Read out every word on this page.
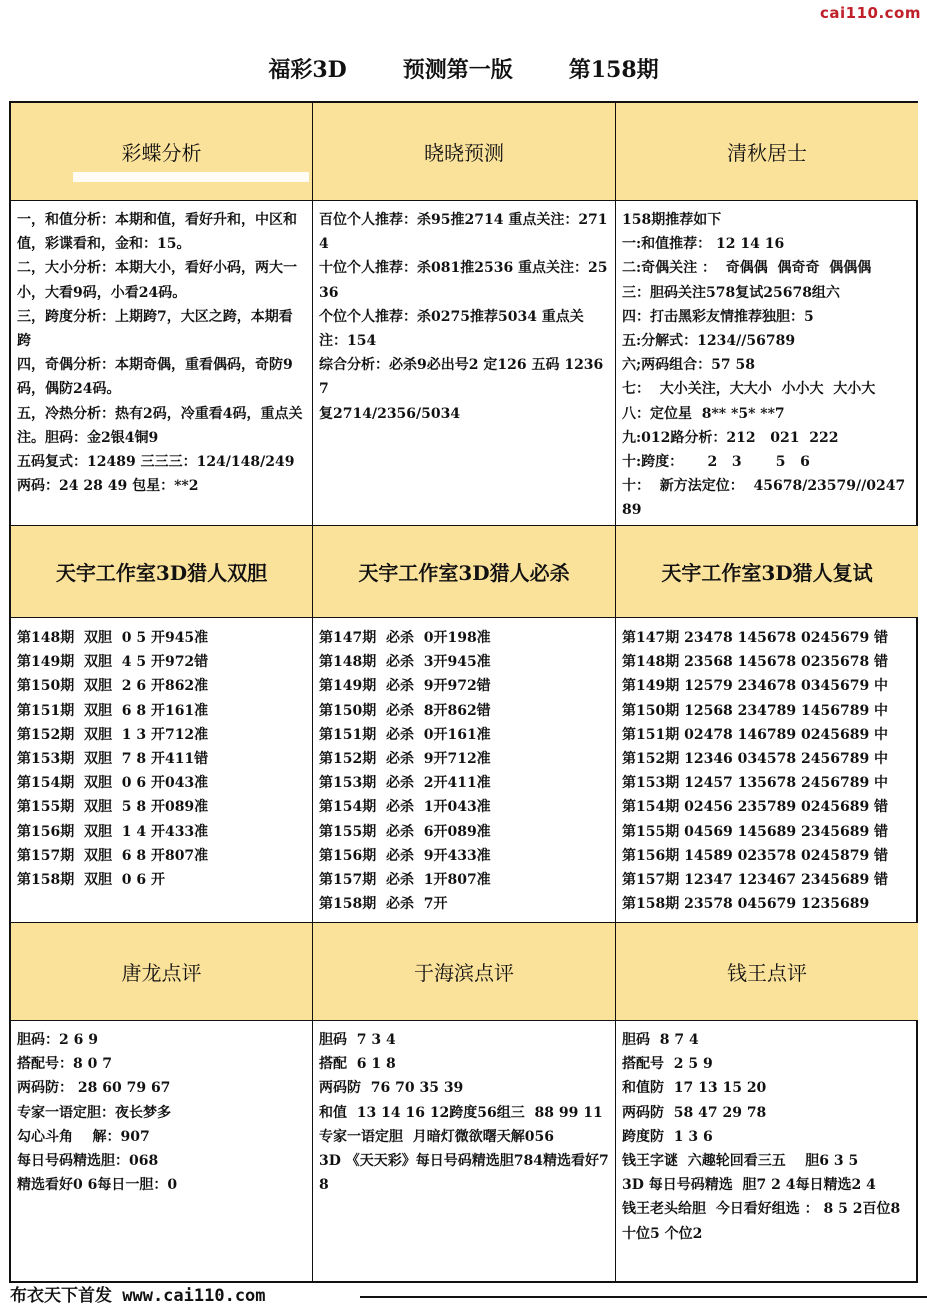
cai110.com
福彩3D	预测第一版	第158期
彩蝶分析	晓晓预测	清秋居士
一，和值分析：本期和值，看好升和，中区和值，彩谍看和，金和：15。
二，大小分析：本期大小，看好小码，两大一小，大看9码，小看24码。
三，跨度分析：上期跨7，大区之跨，本期看跨
四，奇偶分析：本期奇偶，重看偶码，奇防9码，偶防24码。
五，冷热分析：热有2码，冷重看4码，重点关注。胆码：金2银4铜9
五码复式：12489 三三三：124/148/249 两码：24 28 49 包星：**2
百位个人推荐：杀95推2714 重点关注：2714
十位个人推荐：杀081推2536 重点关注：2536
个位个人推荐：杀0275推荐5034 重点关注：154
综合分析：必杀9必出号2 定126 五码 12367
复2714/2356/5034
158期推荐如下
一:和值推荐： 12 14 16
二:奇偶关注 ：  奇偶偶  偶奇奇  偶偶偶
三：胆码关注578复试25678组六
四：打击黑彩友情推荐独胆：5
五:分解式：1234//56789
六;两码组合：57 58
七：  大小关注，大大小  小小大  大小大
八：定位星  8** *5* **7
九:012路分析：212   021  222
十:跨度：     2   3       5   6
十：  新方法定位：  45678/23579//024789
天宇工作室3D猎人双胆	天宇工作室3D猎人必杀	天宇工作室3D猎人复试
第148期  双胆  0 5 开945准
第149期  双胆  4 5 开972错
第150期  双胆  2 6 开862准
第151期  双胆  6 8 开161准
第152期  双胆  1 3 开712准
第153期  双胆  7 8 开411错
第154期  双胆  0 6 开043准
第155期  双胆  5 8 开089准
第156期  双胆  1 4 开433准
第157期  双胆  6 8 开807准
第158期  双胆  0 6 开
第147期  必杀  0开198准
第148期  必杀  3开945准
第149期  必杀  9开972错
第150期  必杀  8开862错
第151期  必杀  0开161准
第152期  必杀  9开712准
第153期  必杀  2开411准
第154期  必杀  1开043准
第155期  必杀  6开089准
第156期  必杀  9开433准
第157期  必杀  1开807准
第158期  必杀  7开
第147期 23478 145678 0245679 错
第148期 23568 145678 0235678 错
第149期 12579 234678 0345679 中
第150期 12568 234789 1456789 中
第151期 02478 146789 0245689 中
第152期 12346 034578 2456789 中
第153期 12457 135678 2456789 中
第154期 02456 235789 0245689 错
第155期 04569 145689 2345689 错
第156期 14589 023578 0245879 错
第157期 12347 123467 2345689 错
第158期 23578 045679 1235689
唐龙点评	于海滨点评	钱王点评
胆码：2 6 9
搭配号：8 0 7
两码防： 28 60 79 67
专家一语定胆：夜长梦多
勾心斗角    解：907
每日号码精选胆：068
精选看好0 6每日一胆：0
胆码  7 3 4
搭配  6 1 8
两码防  76 70 35 39
和值  13 14 16 12跨度56组三  88 99 11
专家一语定胆  月暗灯微欲曙天解056
3D 《天天彩》每日号码精选胆784精选看好78
胆码  8 7 4
搭配号  2 5 9
和值防  17 13 15 20
两码防  58 47 29 78
跨度防  1 3 6
钱王字谜  六趣轮回看三五    胆6 3 5
3D 每日号码精选  胆7 2 4每日精选2 4
钱王老头给胆  今日看好组选 ： 8 5 2百位8 十位5 个位2
布衣天下首发 www.cai110.com
